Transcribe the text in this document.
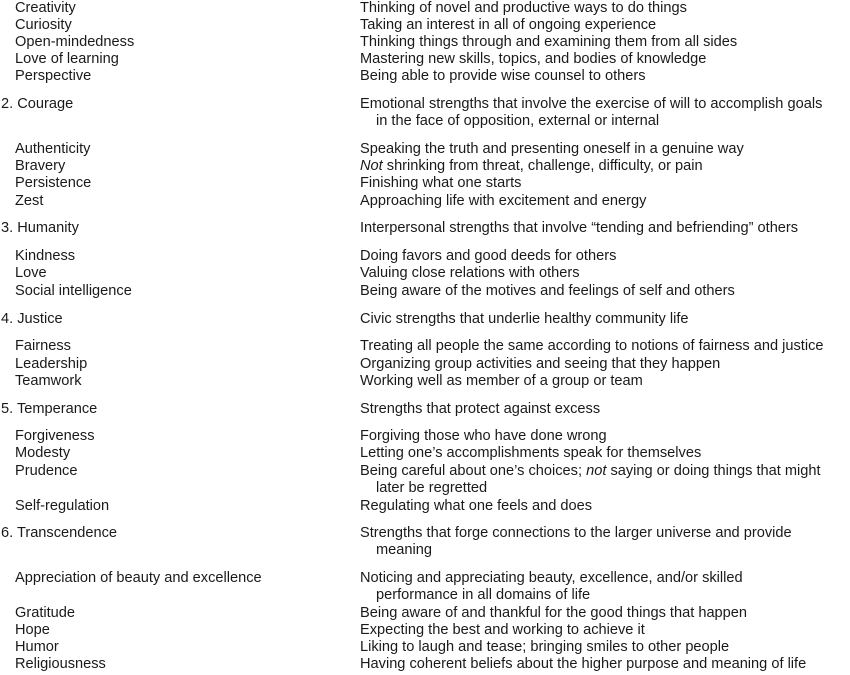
Creativity	Thinking of novel and productive ways to do things
Curiosity	Taking an interest in all of ongoing experience
Open-mindedness	Thinking things through and examining them from all sides
Love of learning	Mastering new skills, topics, and bodies of knowledge
Perspective	Being able to provide wise counsel to others
2. Courage	Emotional strengths that involve the exercise of will to accomplish goals
in the face of opposition, external or internal
Authenticity	Speaking the truth and presenting oneself in a genuine way
Bravery	Not shrinking from threat, challenge, difficulty, or pain
Persistence	Finishing what one starts
Zest	Approaching life with excitement and energy
3. Humanity	Interpersonal strengths that involve “tending and befriending” others
Kindness	Doing favors and good deeds for others
Love	Valuing close relations with others
Social intelligence	Being aware of the motives and feelings of self and others
4. Justice	Civic strengths that underlie healthy community life
Fairness	Treating all people the same according to notions of fairness and justice
Leadership	Organizing group activities and seeing that they happen
Teamwork	Working well as member of a group or team
5. Temperance	Strengths that protect against excess
Forgiveness	Forgiving those who have done wrong
Modesty	Letting one’s accomplishments speak for themselves
Prudence	Being careful about one’s choices; not saying or doing things that might
later be regretted
Self-regulation	Regulating what one feels and does
6. Transcendence	Strengths that forge connections to the larger universe and provide
meaning
Appreciation of beauty and excellence	Noticing and appreciating beauty, excellence, and/or skilled
performance in all domains of life
Gratitude	Being aware of and thankful for the good things that happen
Hope	Expecting the best and working to achieve it
Humor	Liking to laugh and tease; bringing smiles to other people
Religiousness	Having coherent beliefs about the higher purpose and meaning of life
